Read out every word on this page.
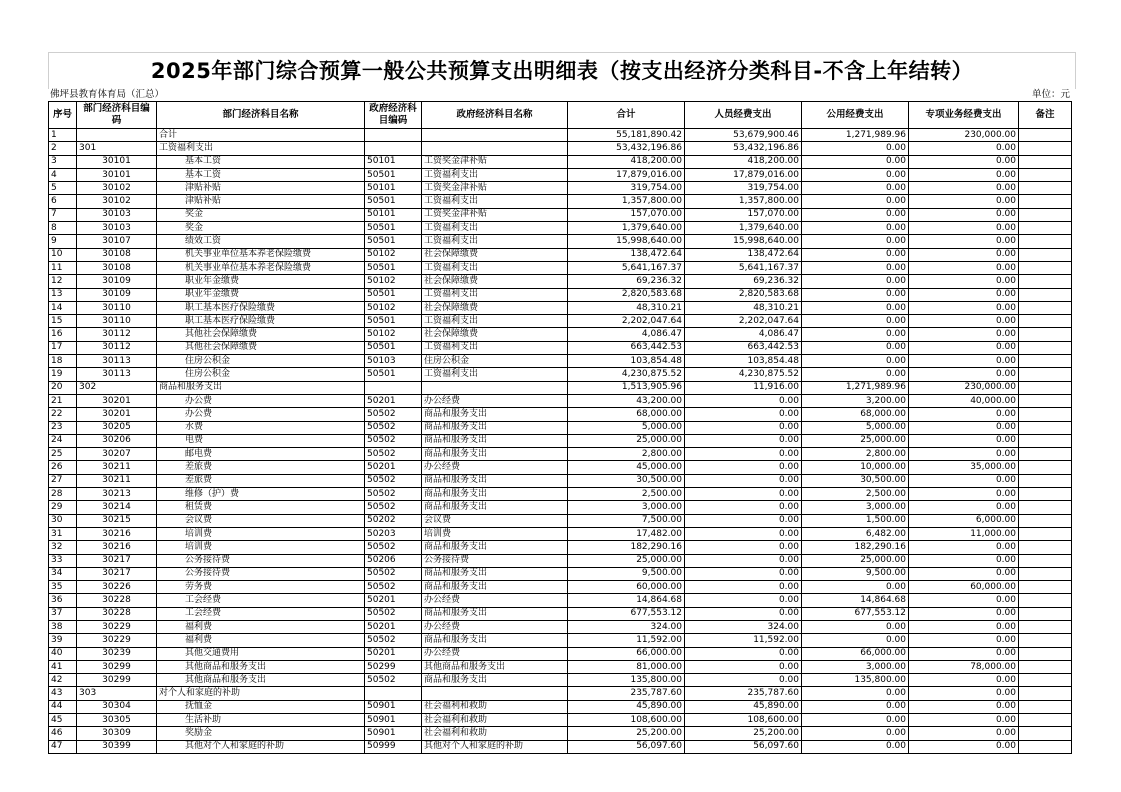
2025年部门综合预算一般公共预算支出明细表（按支出经济分类科目-不含上年结转）
佛坪县教育体育局（汇总）	单位：元
序号	部门经济科目编码	部门经济科目名称	政府经济科目编码	政府经济科目名称	合计	人员经费支出	公用经费支出	专项业务经费支出	备注
1		合计			55,181,890.42	53,679,900.46	1,271,989.96	230,000.00	
2	301	工资福利支出			53,432,196.86	53,432,196.86	0.00	0.00	
3	30101	基本工资	50101	工资奖金津补贴	418,200.00	418,200.00	0.00	0.00	
4	30101	基本工资	50501	工资福利支出	17,879,016.00	17,879,016.00	0.00	0.00	
5	30102	津贴补贴	50101	工资奖金津补贴	319,754.00	319,754.00	0.00	0.00	
6	30102	津贴补贴	50501	工资福利支出	1,357,800.00	1,357,800.00	0.00	0.00	
7	30103	奖金	50101	工资奖金津补贴	157,070.00	157,070.00	0.00	0.00	
8	30103	奖金	50501	工资福利支出	1,379,640.00	1,379,640.00	0.00	0.00	
9	30107	绩效工资	50501	工资福利支出	15,998,640.00	15,998,640.00	0.00	0.00	
10	30108	机关事业单位基本养老保险缴费	50102	社会保障缴费	138,472.64	138,472.64	0.00	0.00	
11	30108	机关事业单位基本养老保险缴费	50501	工资福利支出	5,641,167.37	5,641,167.37	0.00	0.00	
12	30109	职业年金缴费	50102	社会保障缴费	69,236.32	69,236.32	0.00	0.00	
13	30109	职业年金缴费	50501	工资福利支出	2,820,583.68	2,820,583.68	0.00	0.00	
14	30110	职工基本医疗保险缴费	50102	社会保障缴费	48,310.21	48,310.21	0.00	0.00	
15	30110	职工基本医疗保险缴费	50501	工资福利支出	2,202,047.64	2,202,047.64	0.00	0.00	
16	30112	其他社会保障缴费	50102	社会保障缴费	4,086.47	4,086.47	0.00	0.00	
17	30112	其他社会保障缴费	50501	工资福利支出	663,442.53	663,442.53	0.00	0.00	
18	30113	住房公积金	50103	住房公积金	103,854.48	103,854.48	0.00	0.00	
19	30113	住房公积金	50501	工资福利支出	4,230,875.52	4,230,875.52	0.00	0.00	
20	302	商品和服务支出			1,513,905.96	11,916.00	1,271,989.96	230,000.00	
21	30201	办公费	50201	办公经费	43,200.00	0.00	3,200.00	40,000.00	
22	30201	办公费	50502	商品和服务支出	68,000.00	0.00	68,000.00	0.00	
23	30205	水费	50502	商品和服务支出	5,000.00	0.00	5,000.00	0.00	
24	30206	电费	50502	商品和服务支出	25,000.00	0.00	25,000.00	0.00	
25	30207	邮电费	50502	商品和服务支出	2,800.00	0.00	2,800.00	0.00	
26	30211	差旅费	50201	办公经费	45,000.00	0.00	10,000.00	35,000.00	
27	30211	差旅费	50502	商品和服务支出	30,500.00	0.00	30,500.00	0.00	
28	30213	维修（护）费	50502	商品和服务支出	2,500.00	0.00	2,500.00	0.00	
29	30214	租赁费	50502	商品和服务支出	3,000.00	0.00	3,000.00	0.00	
30	30215	会议费	50202	会议费	7,500.00	0.00	1,500.00	6,000.00	
31	30216	培训费	50203	培训费	17,482.00	0.00	6,482.00	11,000.00	
32	30216	培训费	50502	商品和服务支出	182,290.16	0.00	182,290.16	0.00	
33	30217	公务接待费	50206	公务接待费	25,000.00	0.00	25,000.00	0.00	
34	30217	公务接待费	50502	商品和服务支出	9,500.00	0.00	9,500.00	0.00	
35	30226	劳务费	50502	商品和服务支出	60,000.00	0.00	0.00	60,000.00	
36	30228	工会经费	50201	办公经费	14,864.68	0.00	14,864.68	0.00	
37	30228	工会经费	50502	商品和服务支出	677,553.12	0.00	677,553.12	0.00	
38	30229	福利费	50201	办公经费	324.00	324.00	0.00	0.00	
39	30229	福利费	50502	商品和服务支出	11,592.00	11,592.00	0.00	0.00	
40	30239	其他交通费用	50201	办公经费	66,000.00	0.00	66,000.00	0.00	
41	30299	其他商品和服务支出	50299	其他商品和服务支出	81,000.00	0.00	3,000.00	78,000.00	
42	30299	其他商品和服务支出	50502	商品和服务支出	135,800.00	0.00	135,800.00	0.00	
43	303	对个人和家庭的补助			235,787.60	235,787.60	0.00	0.00	
44	30304	抚恤金	50901	社会福利和救助	45,890.00	45,890.00	0.00	0.00	
45	30305	生活补助	50901	社会福利和救助	108,600.00	108,600.00	0.00	0.00	
46	30309	奖励金	50901	社会福利和救助	25,200.00	25,200.00	0.00	0.00	
47	30399	其他对个人和家庭的补助	50999	其他对个人和家庭的补助	56,097.60	56,097.60	0.00	0.00	
